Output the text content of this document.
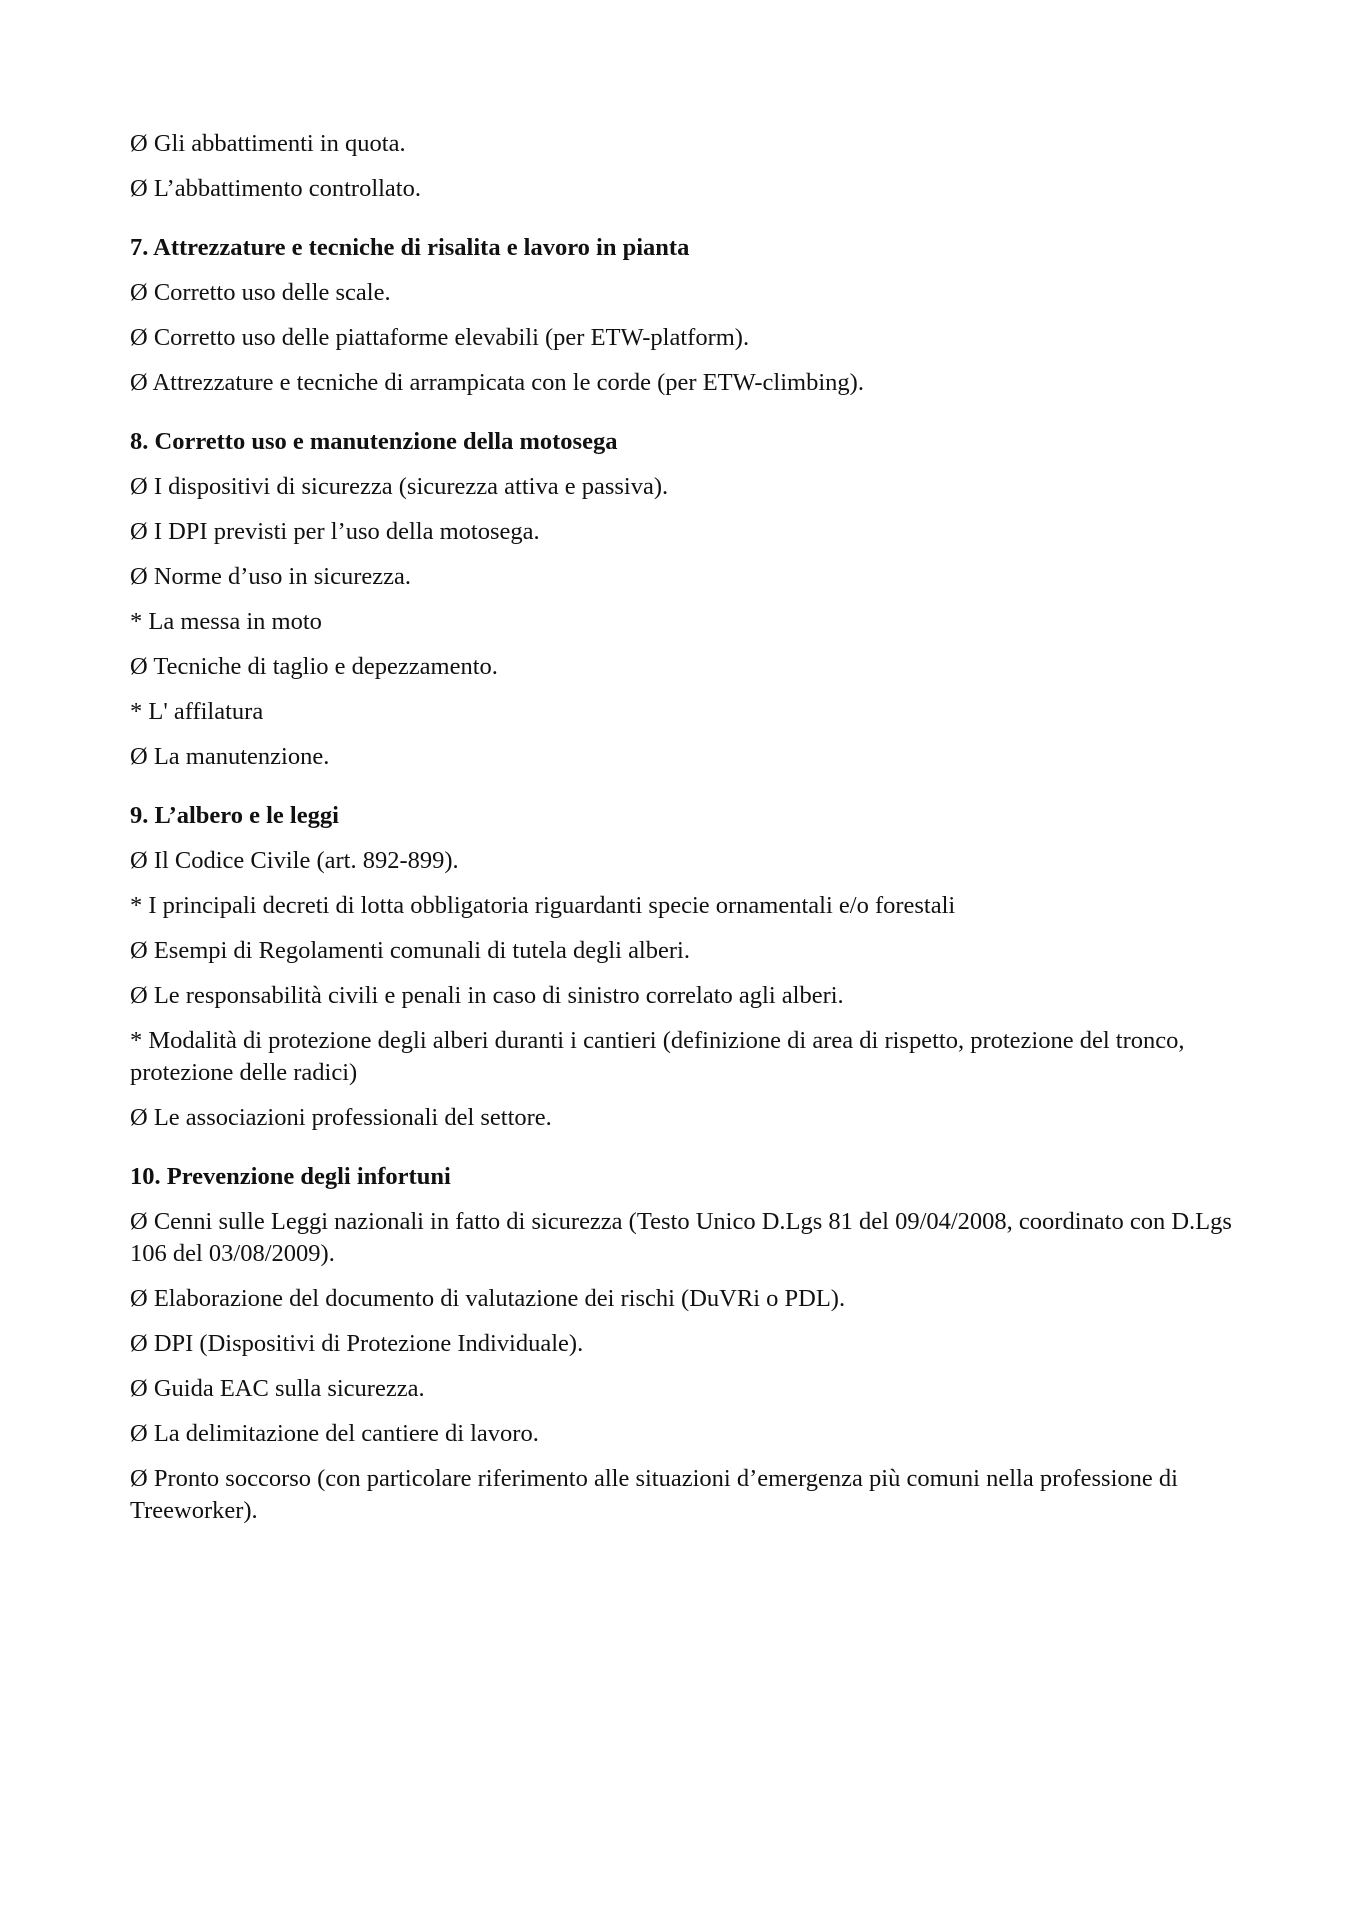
Ø Gli abbattimenti in quota.

Ø L’abbattimento controllato.

7. Attrezzature e tecniche di risalita e lavoro in pianta

Ø Corretto uso delle scale.

Ø Corretto uso delle piattaforme elevabili (per ETW-platform).

Ø Attrezzature e tecniche di arrampicata con le corde (per ETW-climbing).

8. Corretto uso e manutenzione della motosega

Ø I dispositivi di sicurezza (sicurezza attiva e passiva).

Ø I DPI previsti per l’uso della motosega.

Ø Norme d’uso in sicurezza.

* La messa in moto

Ø Tecniche di taglio e depezzamento.

* L' affilatura

Ø La manutenzione.

9. L’albero e le leggi

Ø Il Codice Civile (art. 892-899).

* I principali decreti di lotta obbligatoria riguardanti specie ornamentali e/o forestali

Ø Esempi di Regolamenti comunali di tutela degli alberi.

Ø Le responsabilità civili e penali in caso di sinistro correlato agli alberi.

* Modalità di protezione degli alberi duranti i cantieri (definizione di area di rispetto, protezione del tronco, protezione delle radici)

Ø Le associazioni professionali del settore.

10. Prevenzione degli infortuni

Ø Cenni sulle Leggi nazionali in fatto di sicurezza (Testo Unico D.Lgs 81 del 09/04/2008, coordinato con D.Lgs 106 del 03/08/2009).

Ø Elaborazione del documento di valutazione dei rischi (DuVRi o PDL).

Ø DPI (Dispositivi di Protezione Individuale).

Ø Guida EAC sulla sicurezza.

Ø La delimitazione del cantiere di lavoro.

Ø Pronto soccorso (con particolare riferimento alle situazioni d’emergenza più comuni nella professione di Treeworker).
